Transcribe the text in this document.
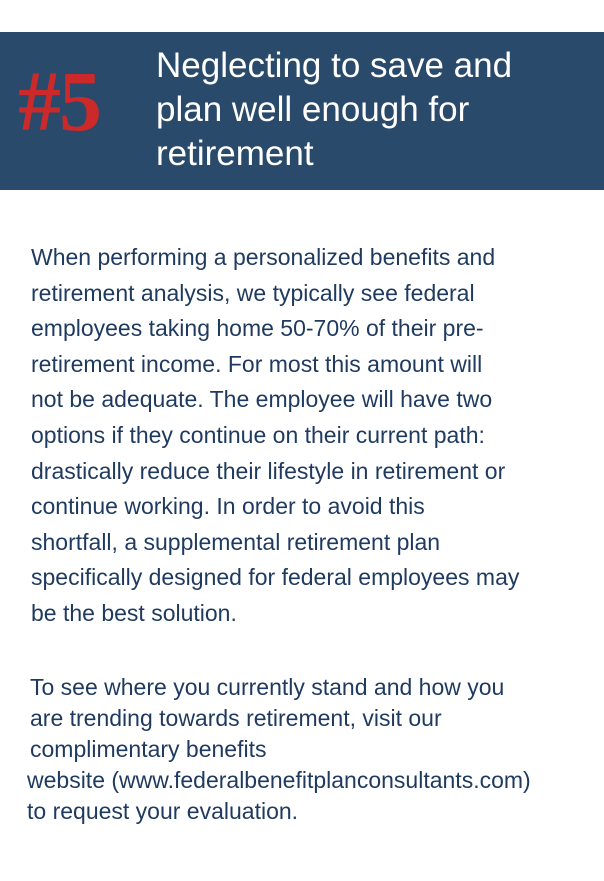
#5 Neglecting to save and
plan well enough for
retirement
When performing a personalized benefits and
retirement analysis, we typically see federal
employees taking home 50-70% of their pre-
retirement income. For most this amount will
not be adequate. The employee will have two
options if they continue on their current path:
drastically reduce their lifestyle in retirement or
continue working. In order to avoid this
shortfall, a supplemental retirement plan
specifically designed for federal employees may
be the best solution.
To see where you currently stand and how you
are trending towards retirement, visit our
complimentary benefits
website (www.federalbenefitplanconsultants.com)
to request your evaluation.
